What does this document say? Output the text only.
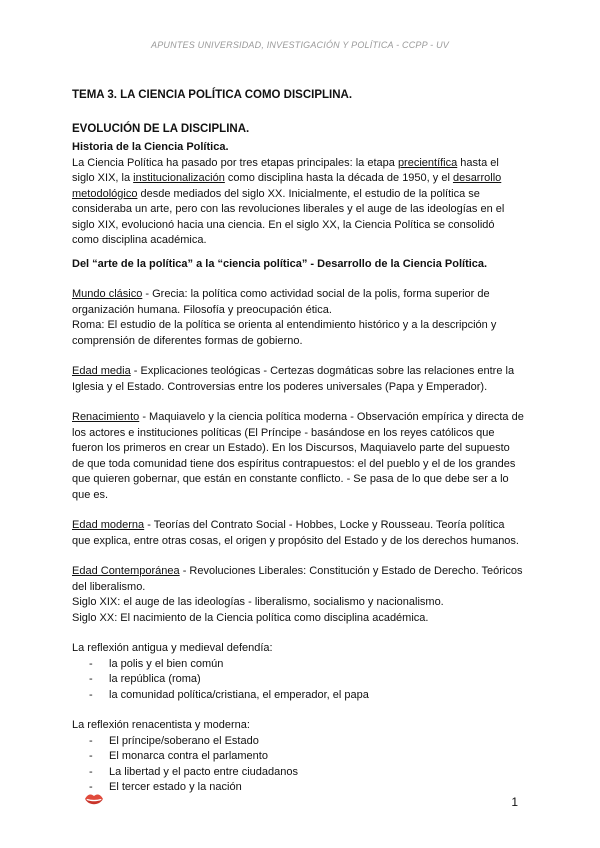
APUNTES UNIVERSIDAD, INVESTIGACIÓN Y POLÍTICA - CCPP - UV

TEMA 3. LA CIENCIA POLÍTICA COMO DISCIPLINA.

EVOLUCIÓN DE LA DISCIPLINA.

Historia de la Ciencia Política.

La Ciencia Política ha pasado por tres etapas principales: la etapa precientífica hasta el siglo XIX, la institucionalización como disciplina hasta la década de 1950, y el desarrollo metodológico desde mediados del siglo XX. Inicialmente, el estudio de la política se consideraba un arte, pero con las revoluciones liberales y el auge de las ideologías en el siglo XIX, evolucionó hacia una ciencia. En el siglo XX, la Ciencia Política se consolidó como disciplina académica.

Del “arte de la política” a la “ciencia política” - Desarrollo de la Ciencia Política.

Mundo clásico - Grecia: la política como actividad social de la polis, forma superior de organización humana. Filosofía y preocupación ética.

Roma: El estudio de la política se orienta al entendimiento histórico y a la descripción y comprensión de diferentes formas de gobierno.

Edad media - Explicaciones teológicas - Certezas dogmáticas sobre las relaciones entre la Iglesia y el Estado. Controversias entre los poderes universales (Papa y Emperador).

Renacimiento - Maquiavelo y la ciencia política moderna - Observación empírica y directa de los actores e instituciones políticas (El Príncipe - basándose en los reyes católicos que fueron los primeros en crear un Estado). En los Discursos, Maquiavelo parte del supuesto de que toda comunidad tiene dos espíritus contrapuestos: el del pueblo y el de los grandes que quieren gobernar, que están en constante conflicto. - Se pasa de lo que debe ser a lo que es.

Edad moderna - Teorías del Contrato Social - Hobbes, Locke y Rousseau. Teoría política que explica, entre otras cosas, el origen y propósito del Estado y de los derechos humanos.

Edad Contemporánea - Revoluciones Liberales: Constitución y Estado de Derecho. Teóricos del liberalismo.

Siglo XIX: el auge de las ideologías - liberalismo, socialismo y nacionalismo.

Siglo XX: El nacimiento de la Ciencia política como disciplina académica.

La reflexión antigua y medieval defendía:

- la polis y el bien común
- la república (roma)
- la comunidad política/cristiana, el emperador, el papa

La reflexión renacentista y moderna:

- El príncipe/soberano el Estado
- El monarca contra el parlamento
- La libertad y el pacto entre ciudadanos
- El tercer estado y la nación
1
